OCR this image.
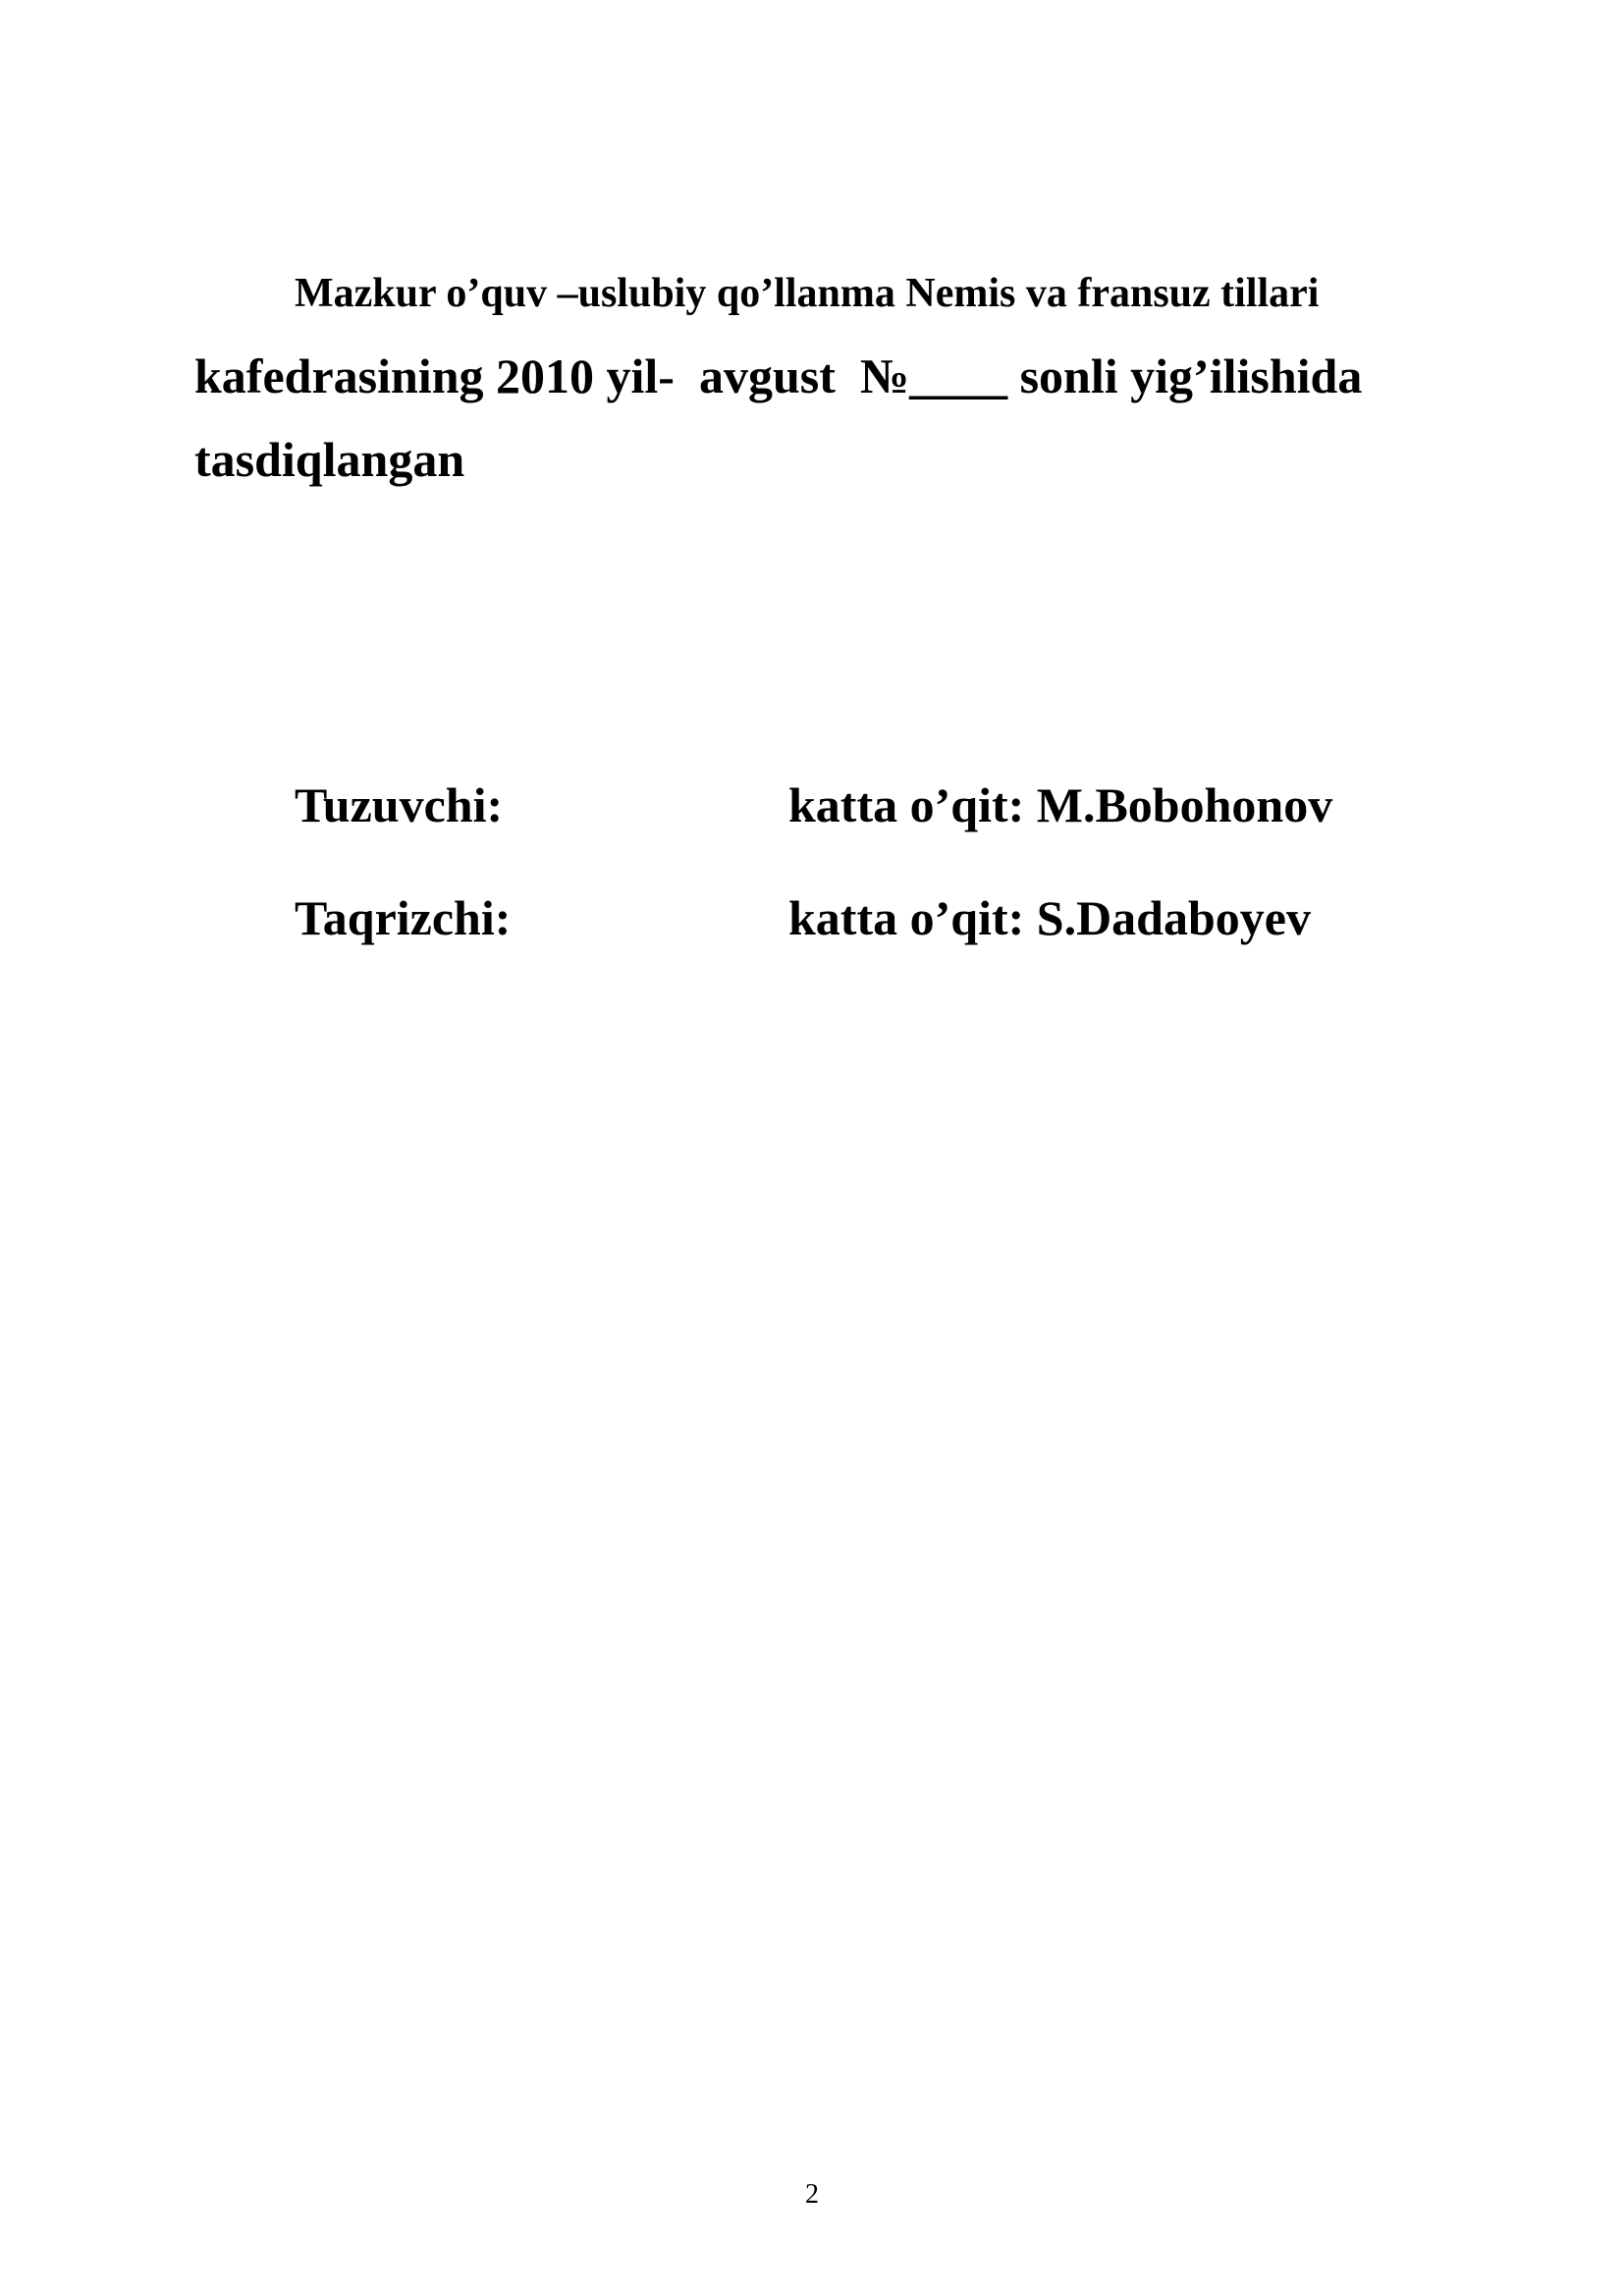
Mazkur o’quv –uslubiy qo’llanma Nemis va fransuz tillari
kafedrasining 2010 yil-  avgust  №____ sonli yig’ilishida
tasdiqlangan
Tuzuvchi:	katta o’qit: M.Bobohonov
Taqrizchi:	katta o’qit: S.Dadaboyev
2
